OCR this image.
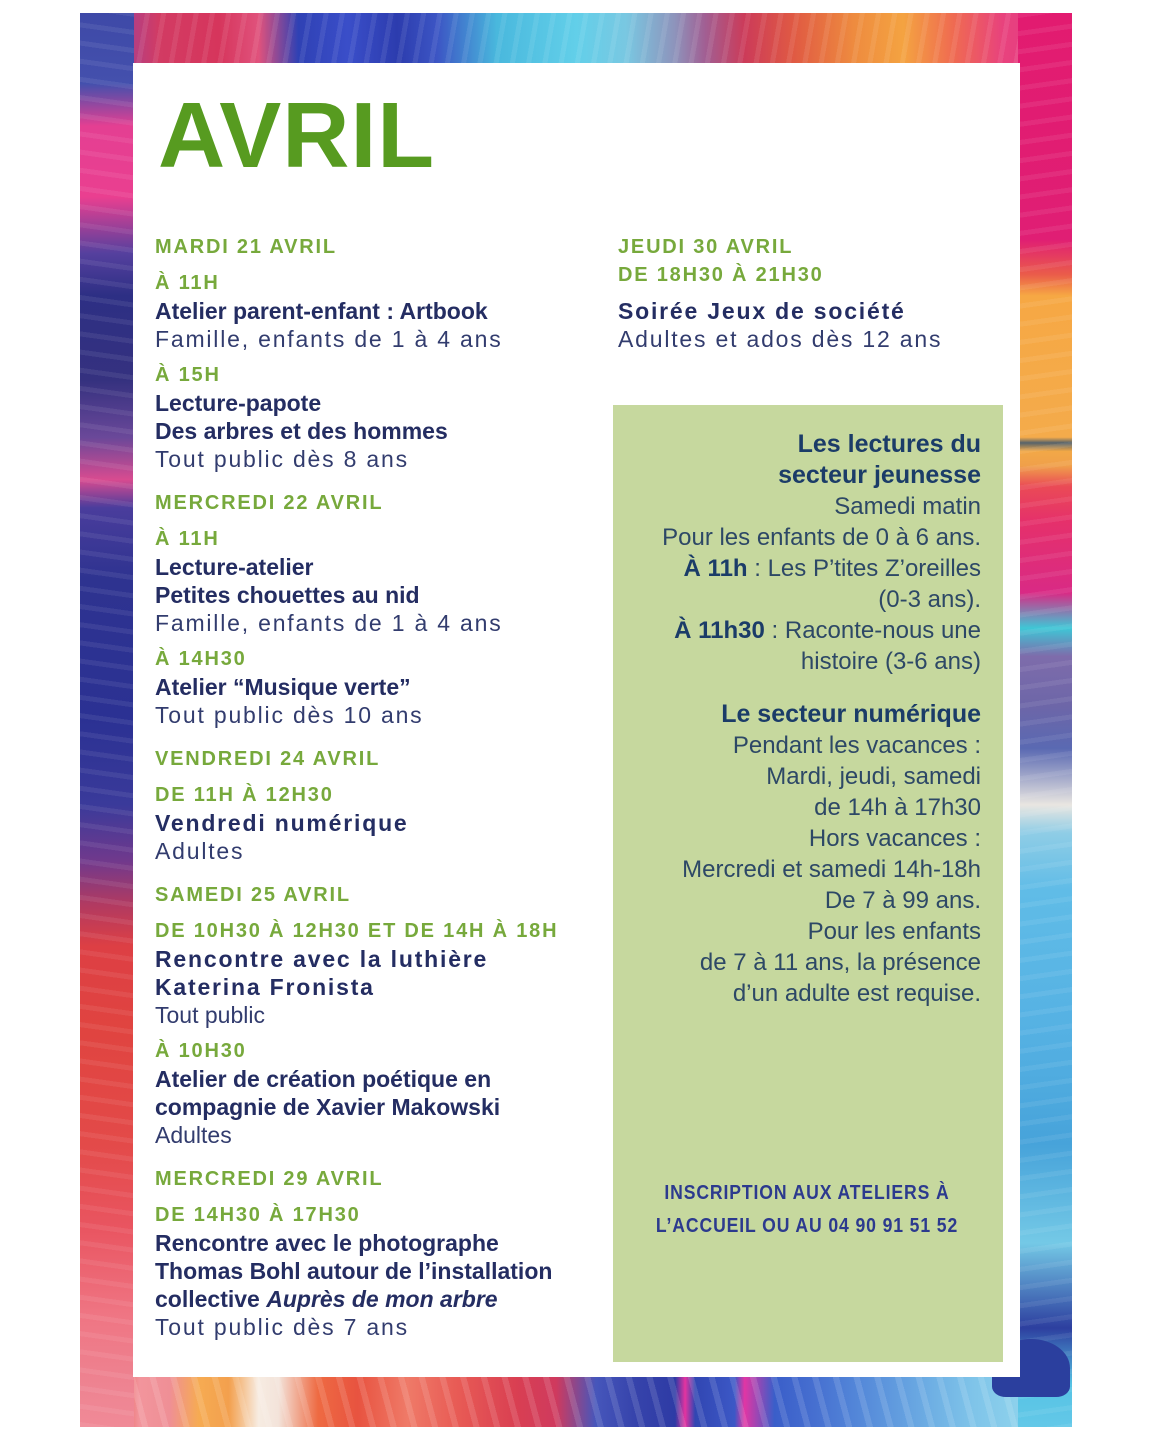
AVRIL
MARDI 21 AVRIL
À 11H
Atelier parent-enfant : Artbook
Famille, enfants de 1 à 4 ans
À 15H
Lecture-papote
Des arbres et des hommes
Tout public dès 8 ans
MERCREDI 22 AVRIL
À 11H
Lecture-atelier
Petites chouettes au nid
Famille, enfants de 1 à 4 ans
À 14H30
Atelier “Musique verte”
Tout public dès 10 ans
VENDREDI 24 AVRIL
DE 11H À 12H30
Vendredi numérique
Adultes
SAMEDI 25 AVRIL
DE 10H30 À 12H30 ET DE 14H À 18H
Rencontre avec la luthière
Katerina Fronista
Tout public
À 10H30
Atelier de création poétique en
compagnie de Xavier Makowski
Adultes
MERCREDI 29 AVRIL
DE 14H30 À 17H30
Rencontre avec le photographe
Thomas Bohl autour de l’installation
collective Auprès de mon arbre
Tout public dès 7 ans
JEUDI 30 AVRIL
DE 18H30 À 21H30
Soirée Jeux de société
Adultes et ados dès 12 ans
Les lectures du
secteur jeunesse
Samedi matin
Pour les enfants de 0 à 6 ans.
À 11h : Les P’tites Z’oreilles
(0-3 ans).
À 11h30 : Raconte-nous une
histoire (3-6 ans)
Le secteur numérique
Pendant les vacances :
Mardi, jeudi, samedi
de 14h à 17h30
Hors vacances :
Mercredi et samedi 14h-18h
De 7 à 99 ans.
Pour les enfants
de 7 à 11 ans, la présence
d’un adulte est requise.
INSCRIPTION AUX ATELIERS À
L’ACCUEIL OU AU 04 90 91 51 52
